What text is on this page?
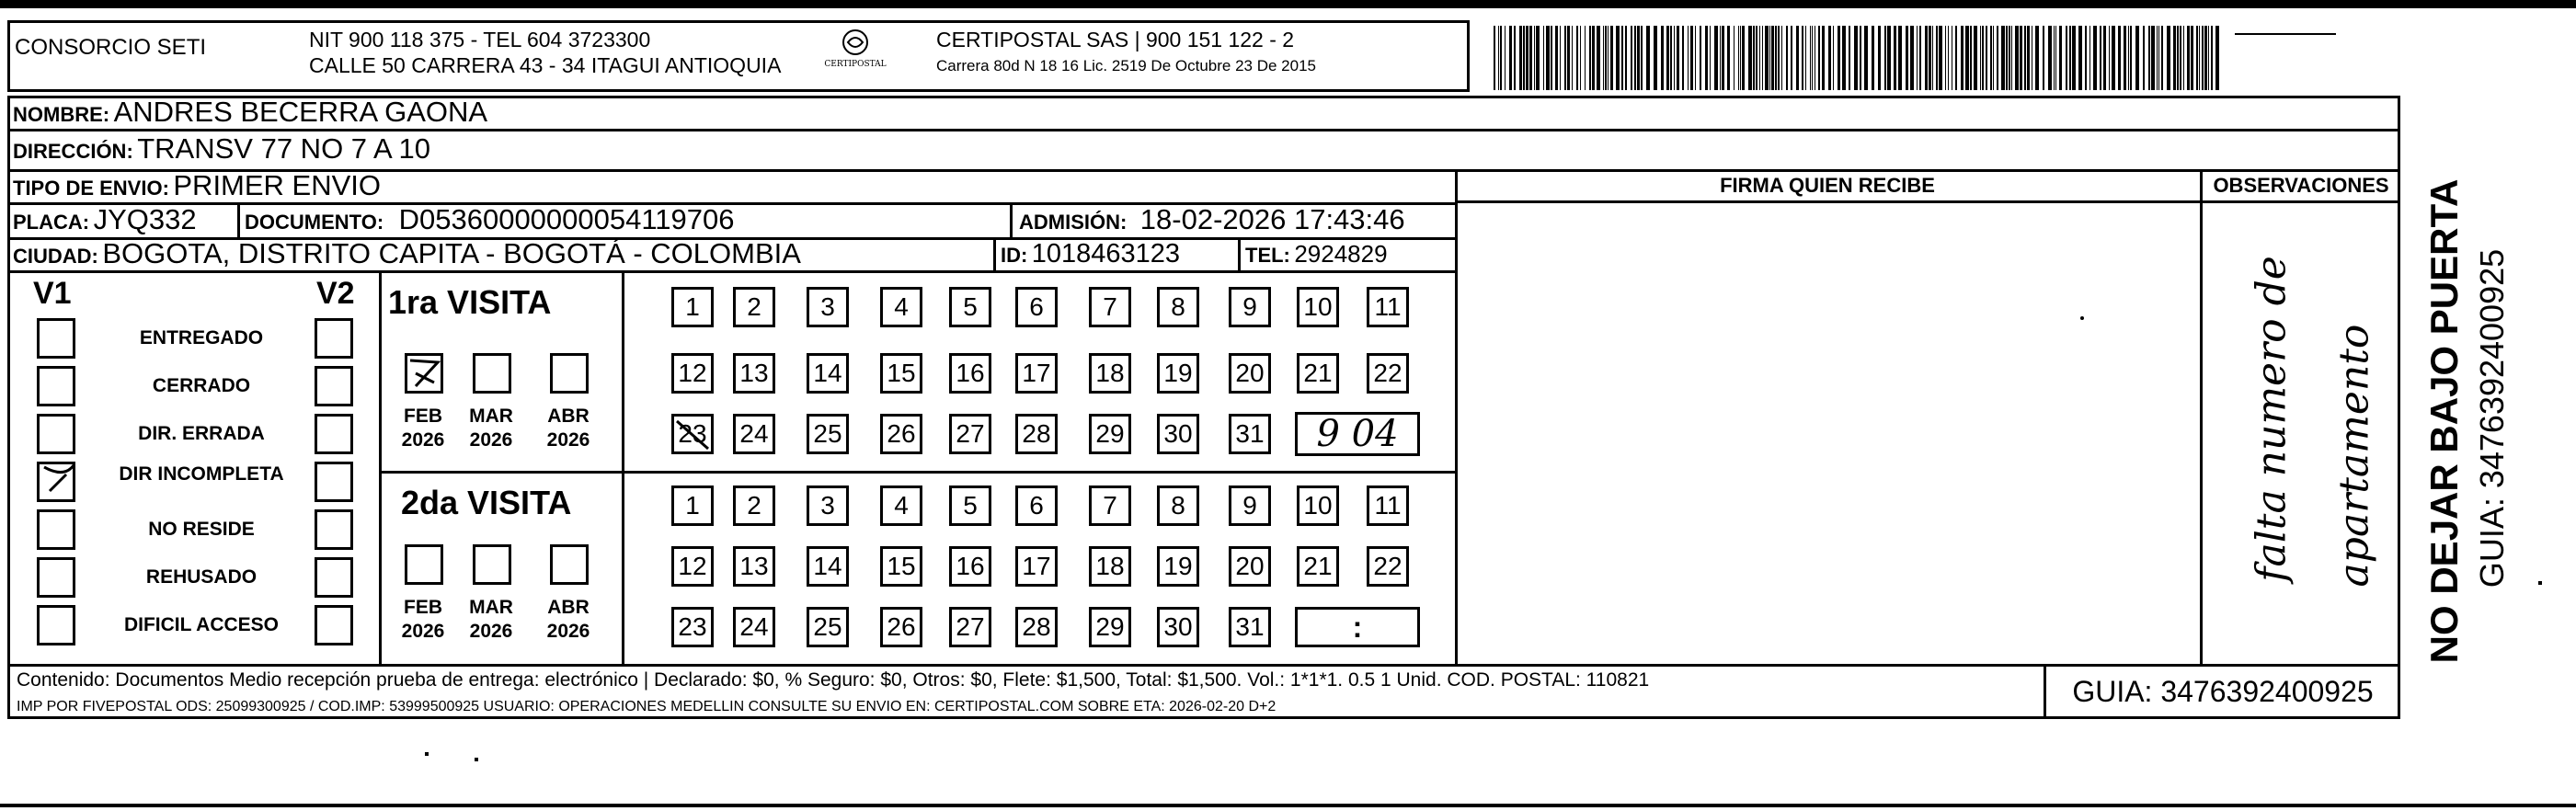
CONSORCIO SETI	NIT 900 118 375 - TEL 604 3723300
CALLE 50 CARRERA 43 - 34 ITAGUI ANTIOQUIA	CERTIPOSTAL
CERTIPOSTAL SAS | 900 151 122 - 2
Carrera 80d N 18 16 Lic. 2519 De Octubre 23 De 2015
NOMBRE: ANDRES BECERRA GAONA
DIRECCIÓN: TRANSV 77 NO 7 A 10
TIPO DE ENVIO: PRIMER ENVIO
PLACA: JYQ332 DOCUMENTO: D05360000000054119706	ADMISIÓN: 18-02-2026 17:43:46
CIUDAD: BOGOTA, DISTRITO CAPITA - BOGOTÁ - COLOMBIA	ID: 1018463123	TEL: 2924829
FIRMA QUIEN RECIBE	OBSERVACIONES
falta numero de apartamento
V1	V2
ENTREGADO
CERRADO
DIR. ERRADA
DIR INCOMPLETA
NO RESIDE
REHUSADO
DIFICIL ACCESO
1ra VISITA
2da VISITA
FEB
2026
MAR
2026
ABR
2026
FEB
2026
MAR
2026
ABR
2026
1	2	3	4	5	6	7	8	9	10	11
12 13 14 15 16 17 18 19 20 21 22
23 24 25 26 27 28 29 30 31
1	2	3	4	5	6	7	8	9	10	11
12 13 14 15 16 17 18 19 20 21 22
23 24 25 26 27 28 29 30 31
9 04
:
Contenido: Documentos Medio recepción prueba de entrega: electrónico | Declarado: $0, % Seguro: $0, Otros: $0, Flete: $1,500, Total: $1,500. Vol.: 1*1*1. 0.5 1 Unid. COD. POSTAL: 110821
IMP POR FIVEPOSTAL ODS: 25099300925 / COD.IMP: 53999500925 USUARIO: OPERACIONES MEDELLIN CONSULTE SU ENVIO EN: CERTIPOSTAL.COM SOBRE ETA: 2026-02-20 D+2	GUIA: 3476392400925
NO DEJAR BAJO PUERTA GUIA: 3476392400925
